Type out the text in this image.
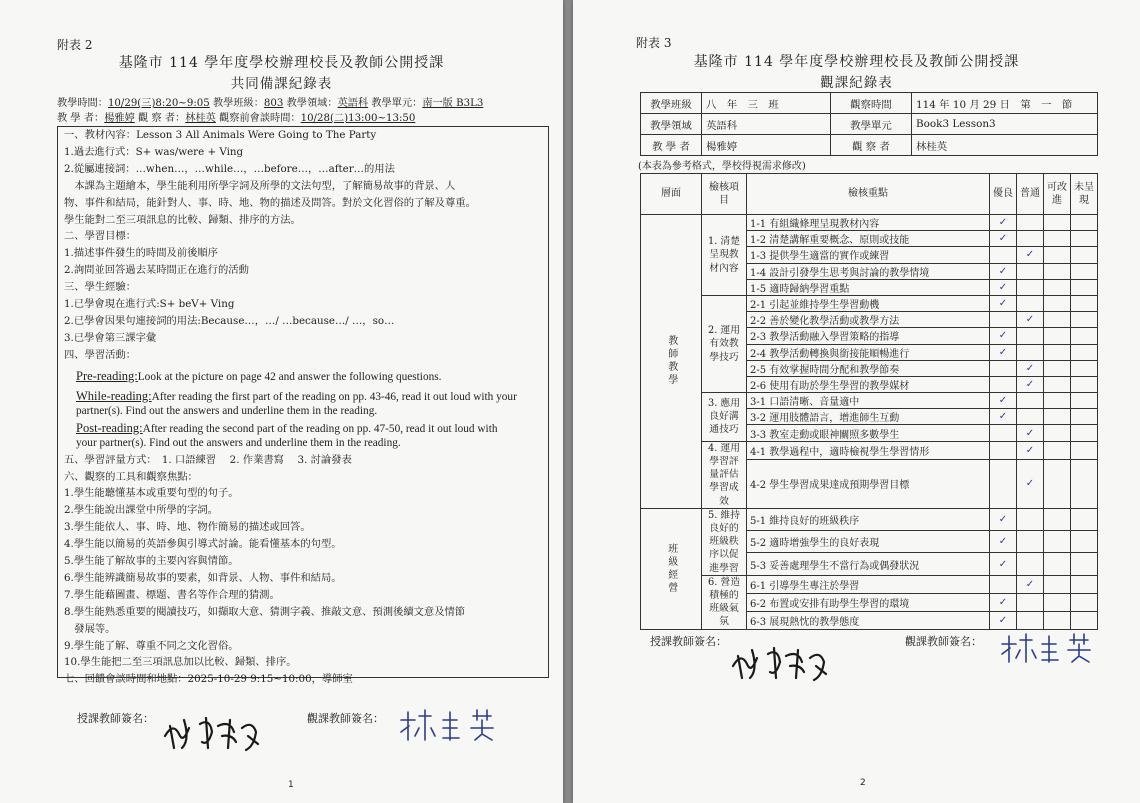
附表 2
基隆市 114 學年度學校辦理校長及教師公開授課
共同備課紀錄表
教學時間：10/29(三)8:20~9:05 教學班級：803 教學領域：英語科 教學單元：南一版 B3L3
教 學 者：楊雅婷 觀 察 者：林桂英 觀察前會談時間：10/28(二)13:00~13:50
一、教材內容：Lesson 3 All Animals Were Going to The Party
1.過去進行式：S+ was/were + Ving
2.從屬連接詞：…when…，…while…，…before…，…after…的用法
　本課為主題繪本，學生能利用所學字詞及所學的文法句型，了解簡易故事的背景、人
物、事件和結局，能針對人、事、時、地、物的描述及問答。對於文化習俗的了解及尊重。
學生能對二至三項訊息的比較、歸類、排序的方法。
二、學習目標：
1.描述事件發生的時間及前後順序
2.詢問並回答過去某時間正在進行的活動
三、學生經驗：
1.已學會現在進行式:S+ beV+ Ving
2.已學會因果句連接詞的用法:Because…，…/ …because…/ …，so…
3.已學會第三課字彙
四、學習活動：
Pre-reading:Look at the picture on page 42 and answer the following questions.
While-reading:After reading the first part of the reading on pp. 43-46, read it out loud with your
partner(s). Find out the answers and underline them in the reading.
Post-reading:After reading the second part of the reading on pp. 47-50, read it out loud with
your partner(s). Find out the answers and underline them in the reading.
五、學習評量方式：　1. 口語練習　 2. 作業書寫　 3. 討論發表
六、觀察的工具和觀察焦點：
1.學生能聽懂基本或重要句型的句子。
2.學生能說出課堂中所學的字詞。
3.學生能依人、事、時、地、物作簡易的描述或回答。
4.學生能以簡易的英語參與引導式討論。能看懂基本的句型。
5.學生能了解故事的主要內容與情節。
6.學生能辨識簡易故事的要素，如背景、人物、事件和結局。
7.學生能藉圖畫、標題、書名等作合理的猜測。
8.學生能熟悉重要的閱讀技巧，如擷取大意、猜測字義、推敲文意、預測後續文意及情節
　發展等。
9.學生能了解、尊重不同之文化習俗。
10.學生能把二至三項訊息加以比較、歸類、排序。
七、回饋會談時間和地點：2025-10-29 9:15~10:00，導師室
授課教師簽名：	觀課教師簽名：
1
附表 3
基隆市 114 學年度學校辦理校長及教師公開授課
觀課紀錄表
教學班級	八　年　三　班	觀察時間	114 年 10 月 29 日　第　一　節
教學領域	英語科	教學單元	Book3 Lesson3
教 學 者	楊雅婷	觀 察 者	林桂英
(本表為參考格式，學校得視需求修改)
層面	檢核項目	檢核重點	優良	普通	可改進	未呈現
教師教學	1. 清楚呈現教材內容	1-1 有組織條理呈現教材內容	✓			
		1-2 清楚講解重要概念、原則或技能	✓			
		1-3 提供學生適當的實作或練習		✓		
		1-4 設計引發學生思考與討論的教學情境	✓			
		1-5 適時歸納學習重點	✓			
	2. 運用有效教學技巧	2-1 引起並維持學生學習動機	✓			
		2-2 善於變化教學活動或教學方法		✓		
		2-3 教學活動融入學習策略的指導	✓			
		2-4 教學活動轉換與銜接能順暢進行	✓			
		2-5 有效掌握時間分配和教學節奏		✓		
		2-6 使用有助於學生學習的教學媒材		✓		
	3. 應用良好溝通技巧	3-1 口語清晰、音量適中	✓			
		3-2 運用肢體語言，增進師生互動	✓			
		3-3 教室走動或眼神關照多數學生		✓		
	4. 運用學習評量評估學習成效	4-1 教學過程中，適時檢視學生學習情形		✓		
		4-2 學生學習成果達成預期學習目標		✓		
班級經營	5. 維持良好的班級秩序以促進學習	5-1 維持良好的班級秩序	✓			
		5-2 適時增強學生的良好表現	✓			
		5-3 妥善處理學生不當行為或偶發狀況	✓			
	6. 營造積極的班級氣氛	6-1 引導學生專注於學習		✓		
		6-2 布置或安排有助學生學習的環境	✓			
		6-3 展現熱忱的教學態度	✓			
授課教師簽名：	觀課教師簽名：
2
